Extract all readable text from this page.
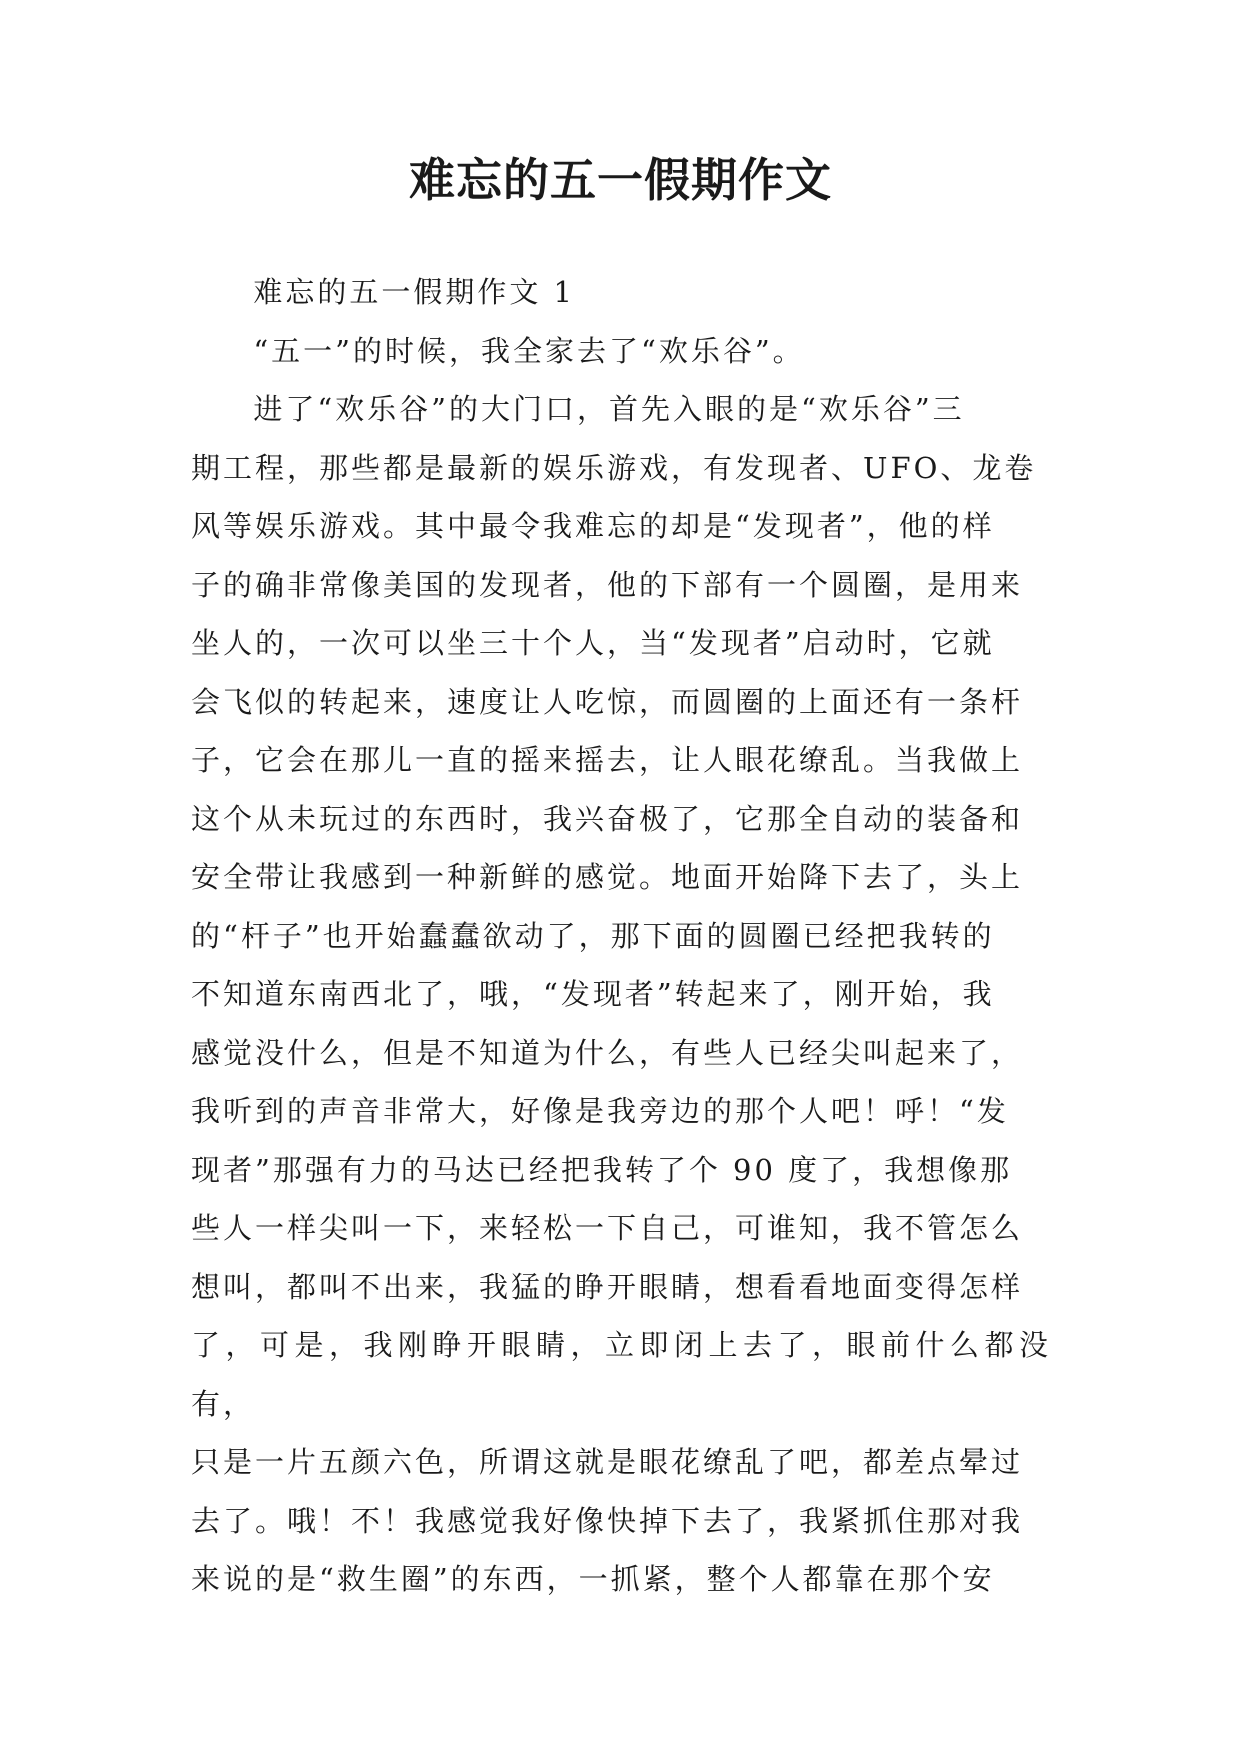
难忘的五一假期作文

难忘的五一假期作文 1

“五一”的时候，我全家去了“欢乐谷”。

进了“欢乐谷”的大门口，首先入眼的是“欢乐谷”三
期工程，那些都是最新的娱乐游戏，有发现者、UFO、龙卷
风等娱乐游戏。其中最令我难忘的却是“发现者”，他的样
子的确非常像美国的发现者，他的下部有一个圆圈，是用来
坐人的，一次可以坐三十个人，当“发现者”启动时，它就
会飞似的转起来，速度让人吃惊，而圆圈的上面还有一条杆
子，它会在那儿一直的摇来摇去，让人眼花缭乱。当我做上
这个从未玩过的东西时，我兴奋极了，它那全自动的装备和
安全带让我感到一种新鲜的感觉。地面开始降下去了，头上
的“杆子”也开始蠢蠢欲动了，那下面的圆圈已经把我转的
不知道东南西北了，哦，“发现者”转起来了，刚开始，我
感觉没什么，但是不知道为什么，有些人已经尖叫起来了，
我听到的声音非常大，好像是我旁边的那个人吧！呼！“发
现者”那强有力的马达已经把我转了个 90 度了，我想像那
些人一样尖叫一下，来轻松一下自己，可谁知，我不管怎么
想叫，都叫不出来，我猛的睁开眼睛，想看看地面变得怎样
了，可是，我刚睁开眼睛，立即闭上去了，眼前什么都没有，
只是一片五颜六色，所谓这就是眼花缭乱了吧，都差点晕过
去了。哦！不！我感觉我好像快掉下去了，我紧抓住那对我
来说的是“救生圈”的东西，一抓紧，整个人都靠在那个安
